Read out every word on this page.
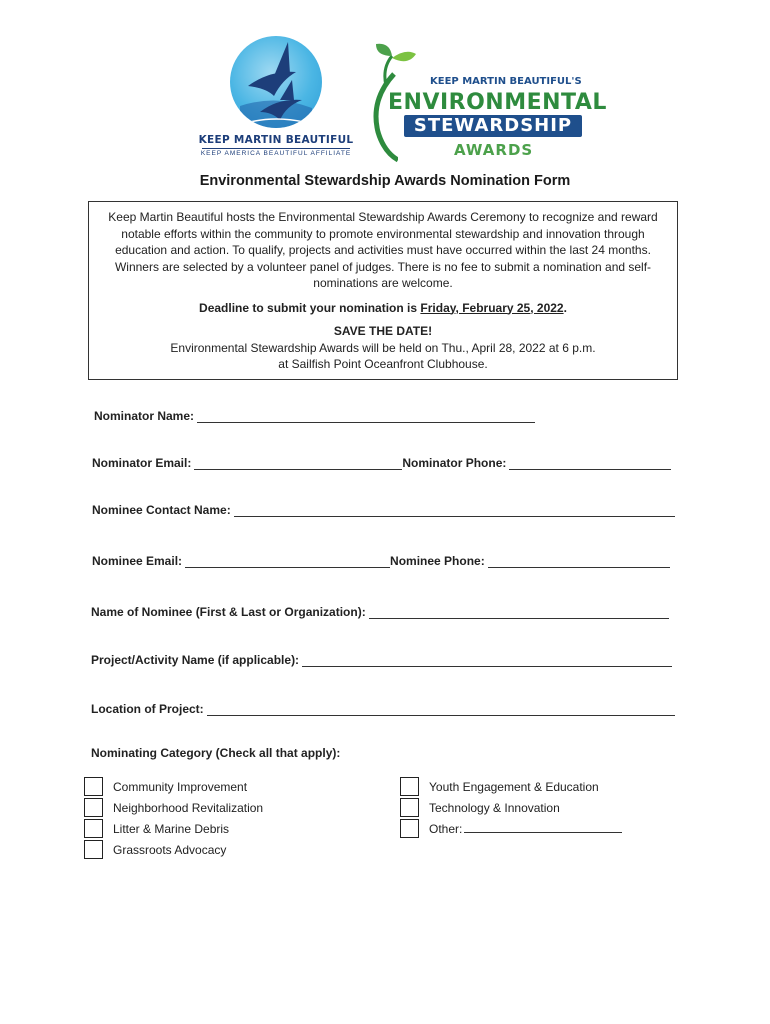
KEEP MARTIN BEAUTIFUL
KEEP AMERICA BEAUTIFUL AFFILIATE
KEEP MARTIN BEAUTIFUL'S
ENVIRONMENTAL
STEWARDSHIP
AWARDS
Environmental Stewardship Awards Nomination Form

Keep Martin Beautiful hosts the Environmental Stewardship Awards Ceremony to recognize and reward notable efforts within the community to promote environmental stewardship and innovation through education and action. To qualify, projects and activities must have occurred within the last 24 months. Winners are selected by a volunteer panel of judges. There is no fee to submit a nomination and self-nominations are welcome.

Deadline to submit your nomination is Friday, February 25, 2022.

SAVE THE DATE!

Environmental Stewardship Awards will be held on Thu., April 28, 2022 at 6 p.m.

at Sailfish Point Oceanfront Clubhouse.

Nominator Name:
Nominator Email:	Nominator Phone:
Nominee Contact Name:
Nominee Email:	Nominee Phone:
Name of Nominee (First & Last or Organization):
Project/Activity Name (if applicable):
Location of Project:
Nominating Category (Check all that apply):
Community Improvement
Neighborhood Revitalization
Litter & Marine Debris
Grassroots Advocacy
Youth Engagement & Education
Technology & Innovation
Other:
